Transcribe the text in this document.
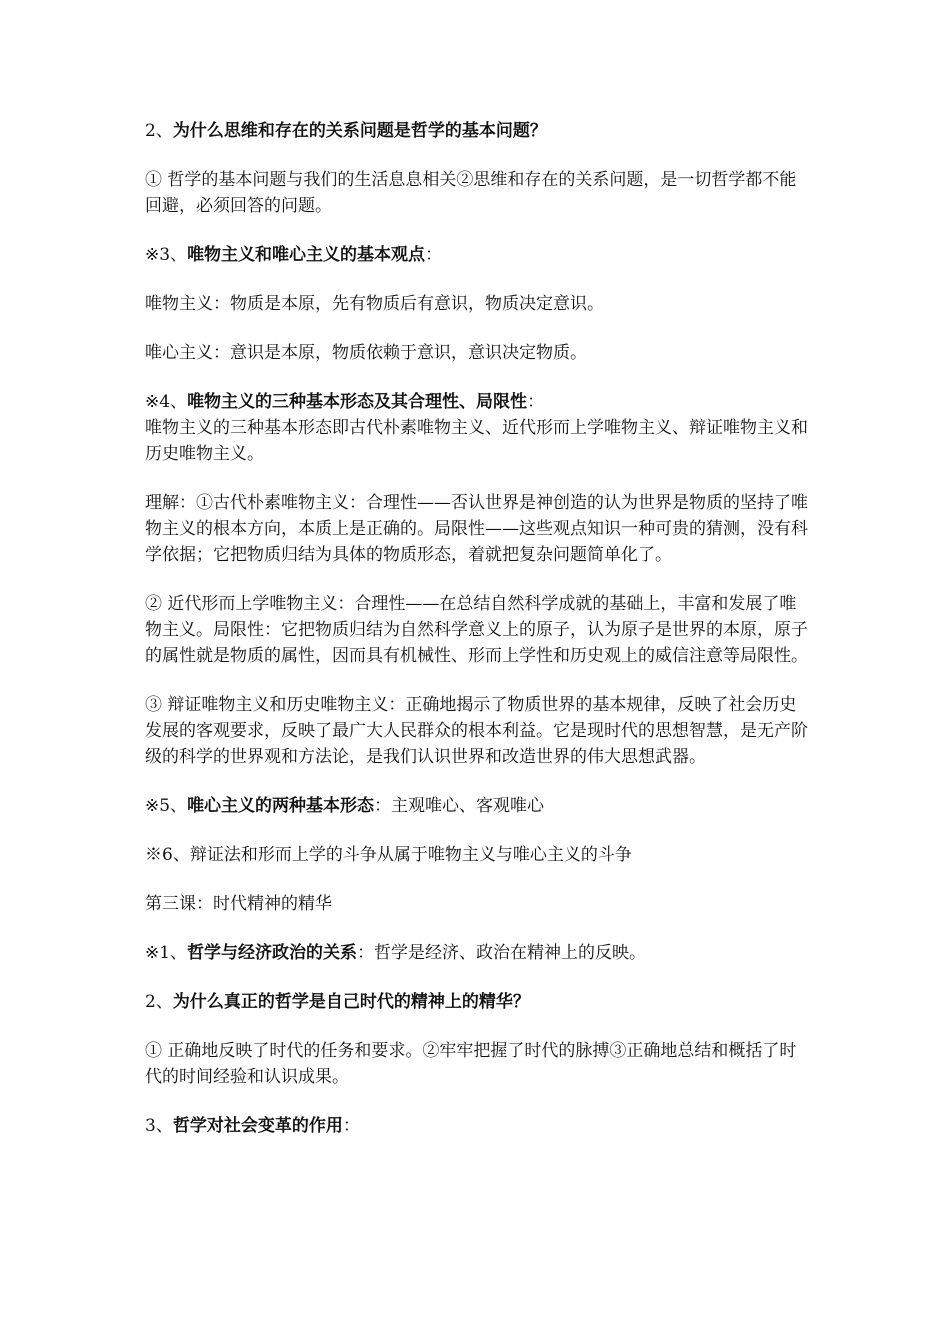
2、为什么思维和存在的关系问题是哲学的基本问题？

① 哲学的基本问题与我们的生活息息相关②思维和存在的关系问题，是一切哲学都不能回避，必须回答的问题。

※3、唯物主义和唯心主义的基本观点：

唯物主义：物质是本原，先有物质后有意识，物质决定意识。

唯心主义：意识是本原，物质依赖于意识，意识决定物质。

※4、唯物主义的三种基本形态及其合理性、局限性：

唯物主义的三种基本形态即古代朴素唯物主义、近代形而上学唯物主义、辩证唯物主义和历史唯物主义。

理解：①古代朴素唯物主义：合理性——否认世界是神创造的认为世界是物质的坚持了唯物主义的根本方向，本质上是正确的。局限性——这些观点知识一种可贵的猜测，没有科学依据；它把物质归结为具体的物质形态，着就把复杂问题简单化了。

② 近代形而上学唯物主义：合理性——在总结自然科学成就的基础上，丰富和发展了唯物主义。局限性：它把物质归结为自然科学意义上的原子，认为原子是世界的本原，原子的属性就是物质的属性，因而具有机械性、形而上学性和历史观上的威信注意等局限性。

③ 辩证唯物主义和历史唯物主义：正确地揭示了物质世界的基本规律，反映了社会历史发展的客观要求，反映了最广大人民群众的根本利益。它是现时代的思想智慧，是无产阶级的科学的世界观和方法论，是我们认识世界和改造世界的伟大思想武器。

※5、唯心主义的两种基本形态：主观唯心、客观唯心

※6、辩证法和形而上学的斗争从属于唯物主义与唯心主义的斗争

第三课：时代精神的精华

※1、哲学与经济政治的关系：哲学是经济、政治在精神上的反映。

2、为什么真正的哲学是自己时代的精神上的精华？

① 正确地反映了时代的任务和要求。②牢牢把握了时代的脉搏③正确地总结和概括了时代的时间经验和认识成果。

3、哲学对社会变革的作用：
